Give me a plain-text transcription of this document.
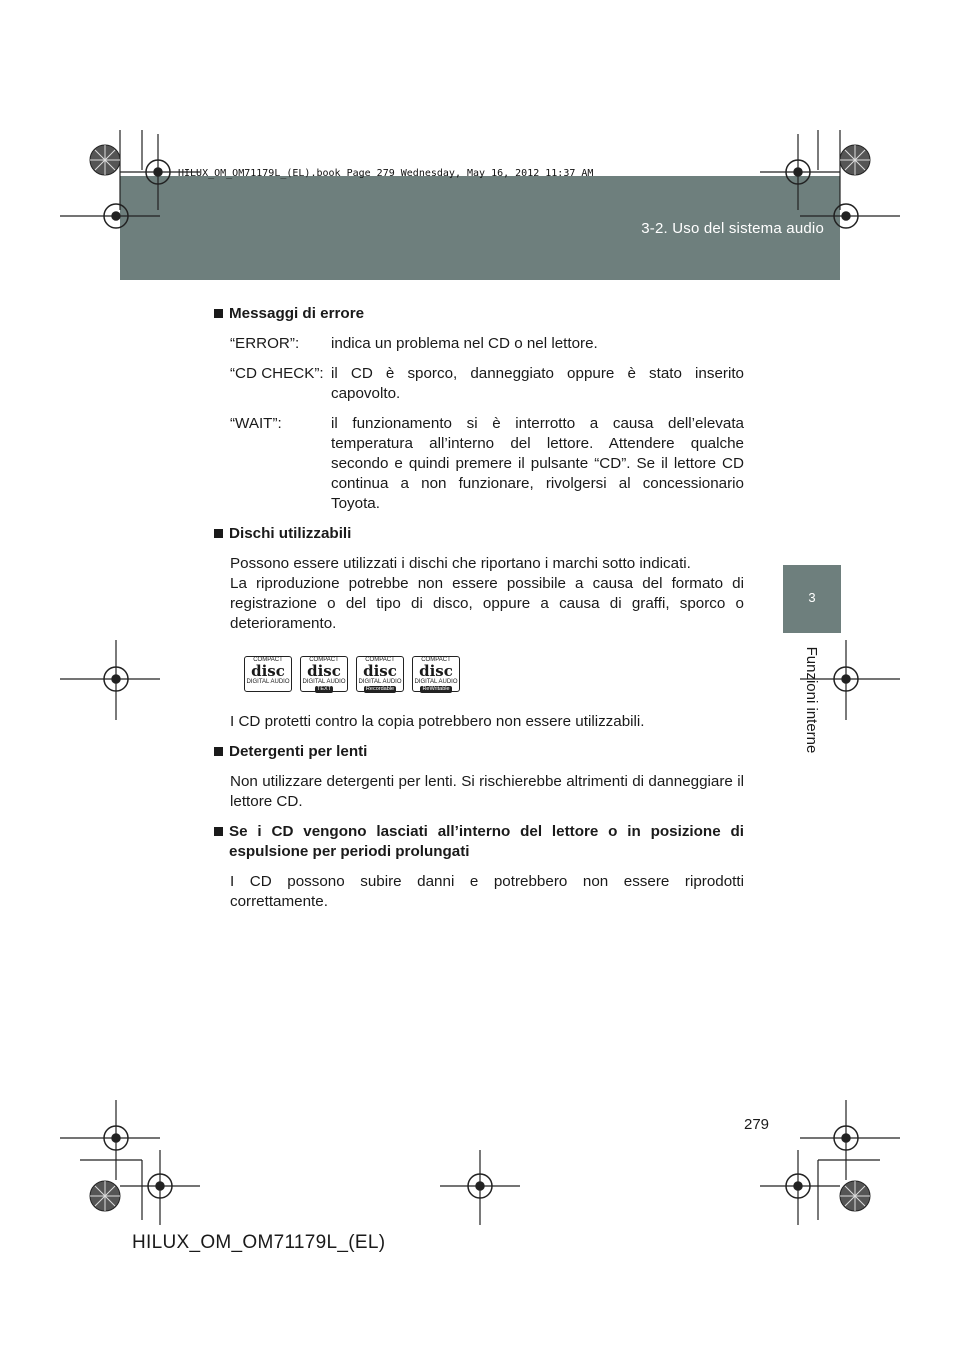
3-2. Uso del sistema audio
HILUX_OM_OM71179L_(EL).book Page 279 Wednesday, May 16, 2012 11:37 AM
3
Funzioni interne
Messaggi di errore
“ERROR”:	indica un problema nel CD o nel lettore.
“CD CHECK”: il CD è sporco, danneggiato oppure è stato inserito capovolto.
“WAIT”:	il funzionamento si è interrotto a causa dell’elevata temperatura all’interno del lettore. Attendere qualche secondo e quindi premere il pulsante “CD”. Se il lettore CD continua a non funzionare, rivolgersi al concessionario Toyota.
Dischi utilizzabili

Possono essere utilizzati i dischi che riportano i marchi sotto indicati.

La riproduzione potrebbe non essere possibile a causa del formato di registrazione o del tipo di disco, oppure a causa di graffi, sporco o deterioramento.

COMPACT
disc
DIGITAL AUDIO
COMPACT
disc
DIGITAL AUDIO
TEXT
COMPACT
disc
DIGITAL AUDIO
Recordable
COMPACT
disc
DIGITAL AUDIO
ReWritable

I CD protetti contro la copia potrebbero non essere utilizzabili.

Detergenti per lenti

Non utilizzare detergenti per lenti. Si rischierebbe altrimenti di danneggiare il lettore CD.

Se i CD vengono lasciati all’interno del lettore o in posizione di espulsione per periodi prolungati

I CD possono subire danni e potrebbero non essere riprodotti correttamente.

279
HILUX_OM_OM71179L_(EL)
